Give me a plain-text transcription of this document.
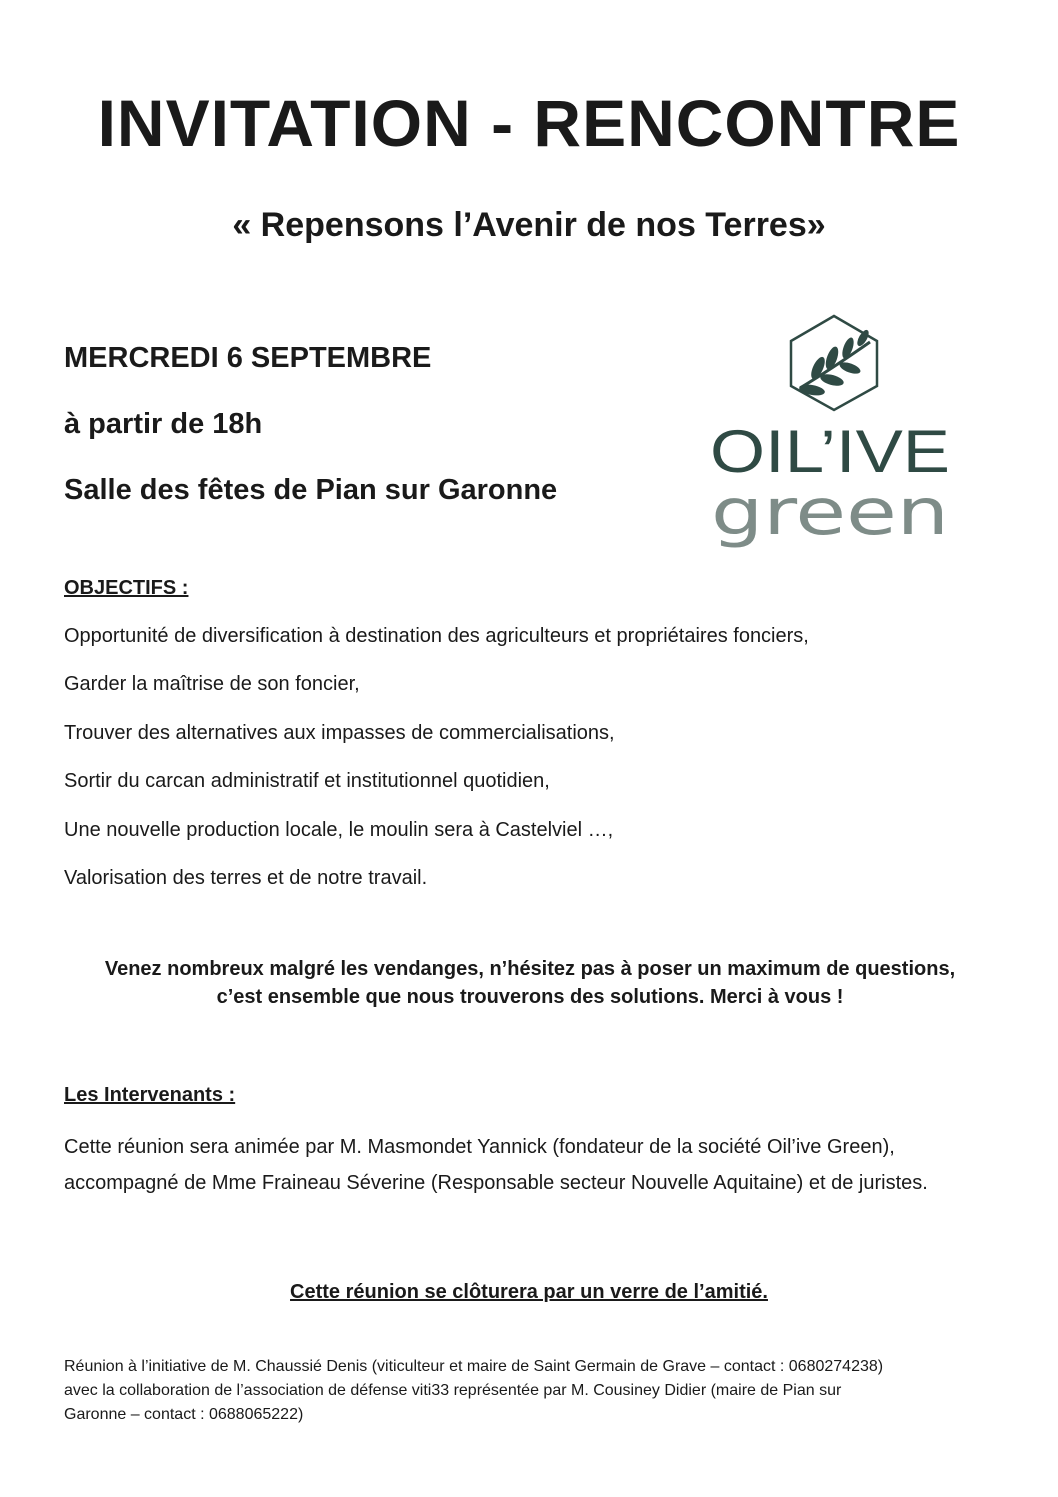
INVITATION - RENCONTRE
« Repensons l’Avenir de nos Terres»

MERCREDI 6 SEPTEMBRE

à partir de 18h

Salle des fêtes de Pian sur Garonne

OIL’IVE
green

OBJECTIFS :

Opportunité de diversification à destination des agriculteurs et propriétaires fonciers,
Garder la maîtrise de son foncier,
Trouver des alternatives aux impasses de commercialisations,
Sortir du carcan administratif et institutionnel quotidien,
Une nouvelle production locale, le moulin sera à Castelviel …,
Valorisation des terres et de notre travail.

Venez nombreux malgré les vendanges, n’hésitez pas à poser un maximum de questions,
c’est ensemble que nous trouverons des solutions. Merci à vous !

Les Intervenants :

Cette réunion sera animée par M. Masmondet Yannick (fondateur de la société Oil’ive Green), accompagné de Mme Fraineau Séverine (Responsable secteur Nouvelle Aquitaine) et de juristes.

Cette réunion se clôturera par un verre de l’amitié.

Réunion à l’initiative de M. Chaussié Denis (viticulteur et maire de Saint Germain de Grave – contact : 0680274238)
avec la collaboration de l’association de défense viti33 représentée par M. Cousiney Didier (maire de Pian sur
Garonne – contact : 0688065222)
